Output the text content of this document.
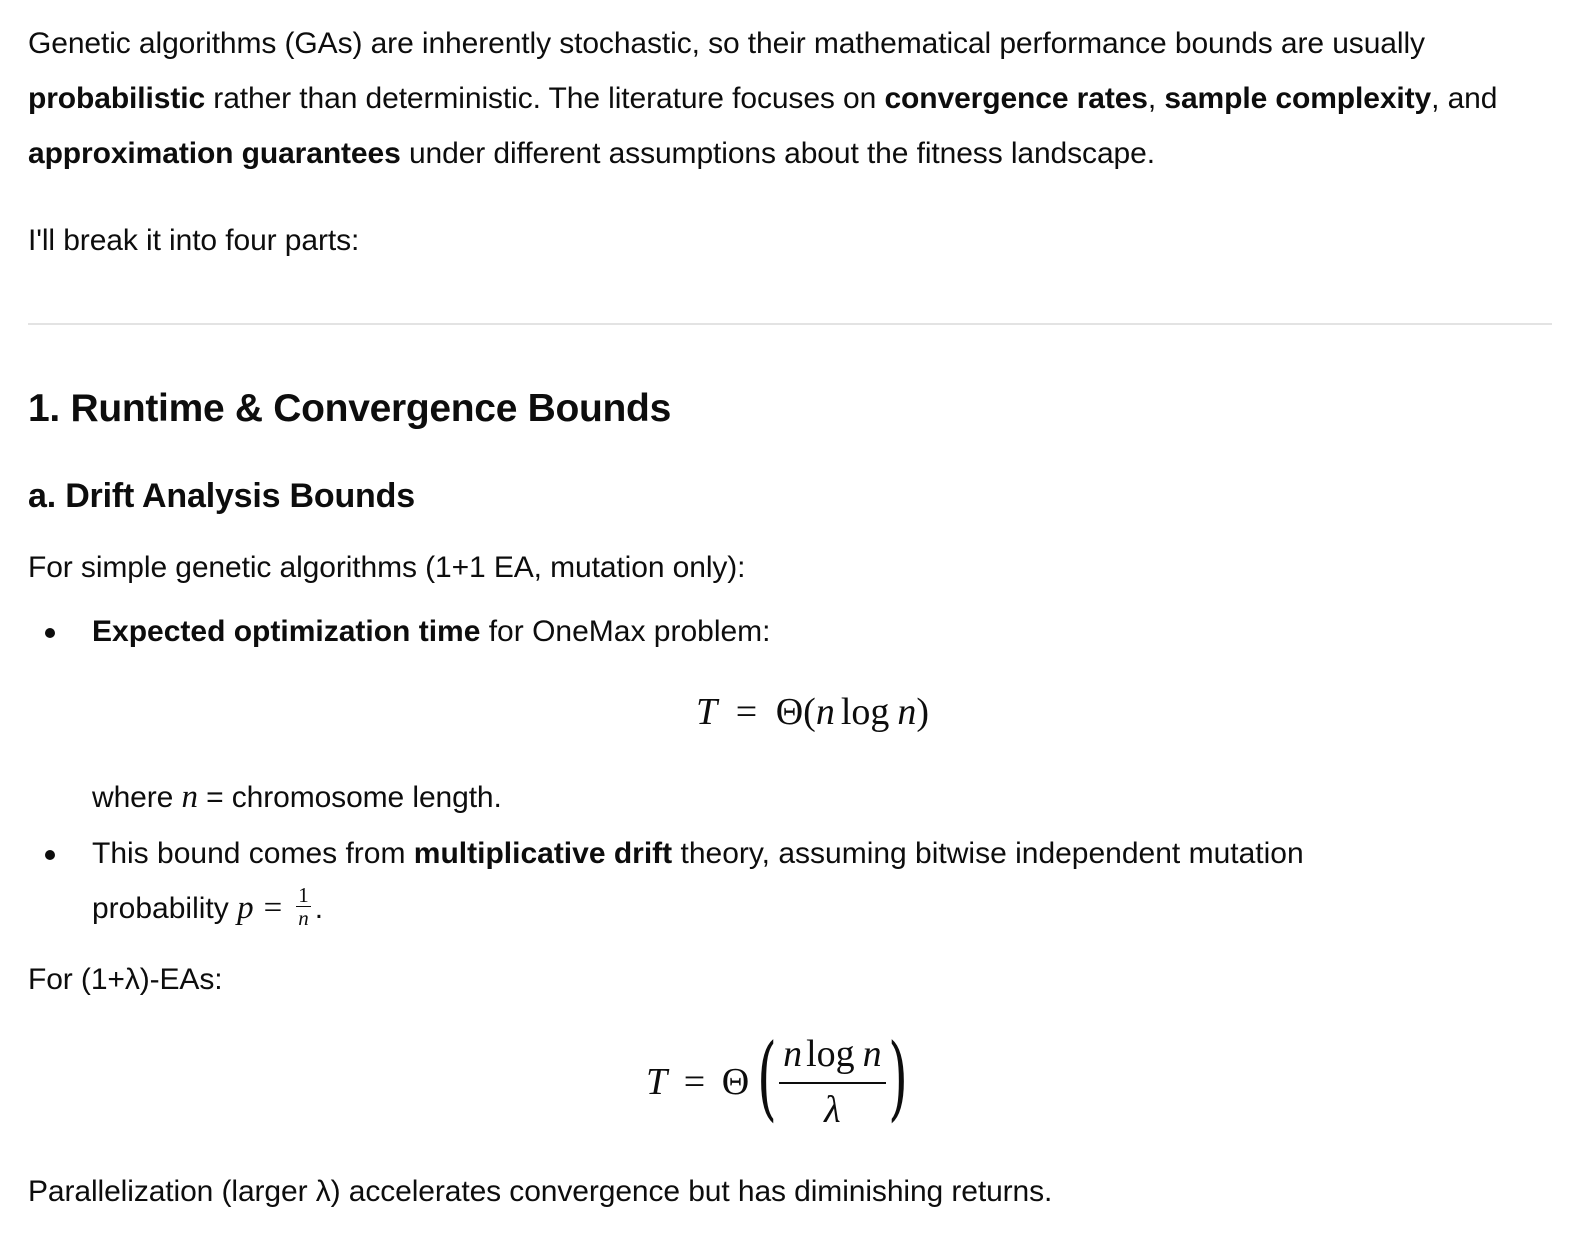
Genetic algorithms (GAs) are inherently stochastic, so their mathematical performance bounds are usually probabilistic rather than deterministic. The literature focuses on convergence rates, sample complexity, and approximation guarantees under different assumptions about the fitness landscape.

I'll break it into four parts:

1. Runtime & Convergence Bounds
a. Drift Analysis Bounds

For simple genetic algorithms (1+1 EA, mutation only):

Expected optimization time for OneMax problem:
T = Θ(n log n)

where n = chromosome length.

This bound comes from multiplicative drift theory, assuming bitwise independent mutation probability $p = \frac{1}{n}$ .

For (1+λ)-EAs:

$T = \Theta( \frac{\text{n log n}}{\lambda}$ )

Parallelization (larger λ) accelerates convergence but has diminishing returns.
